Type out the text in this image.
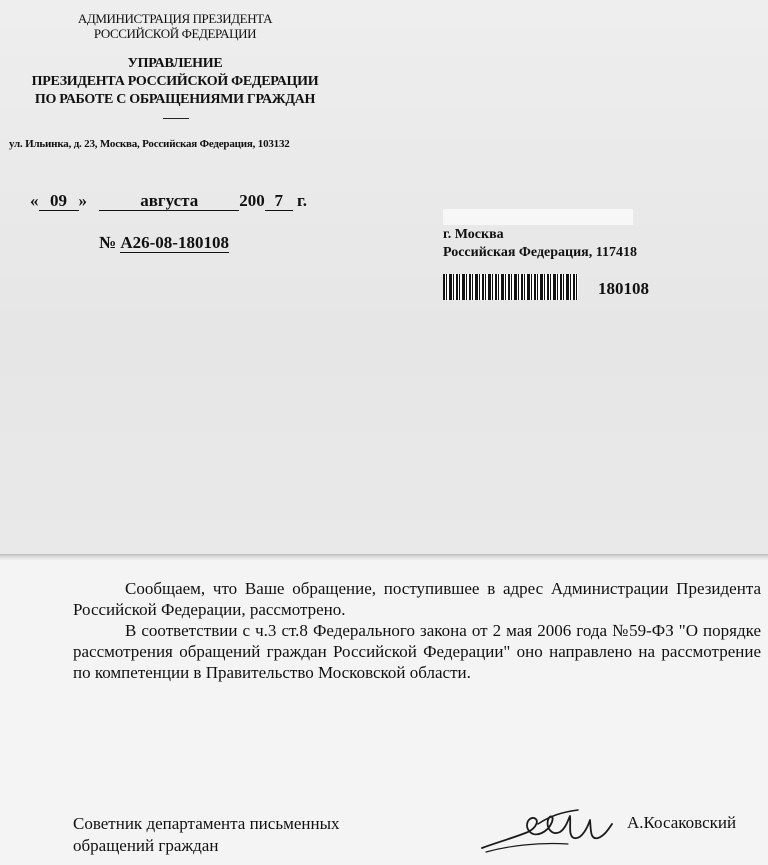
АДМИНИСТРАЦИЯ ПРЕЗИДЕНТА
РОССИЙСКОЙ ФЕДЕРАЦИИ
УПРАВЛЕНИЕ
ПРЕЗИДЕНТА РОССИЙСКОЙ ФЕДЕРАЦИИ
ПО РАБОТЕ С ОБРАЩЕНИЯМИ ГРАЖДАН
ул. Ильинка, д. 23, Москва, Российская Федерация, 103132
« 09 »	августа 200 7 г.
№ А26-08-180108	г. Москва
Российская Федерация, 117418
180108

Сообщаем, что Ваше обращение, поступившее в адрес Администрации Президента Российской Федерации, рассмотрено.

В соответствии с ч.3 ст.8 Федерального закона от 2 мая 2006 года №59-ФЗ "О порядке рассмотрения обращений граждан Российской Федерации" оно направлено на рассмотрение по компетенции в Правительство Московской области.

Советник департамента письменных обращений граждан
А.Косаковский
